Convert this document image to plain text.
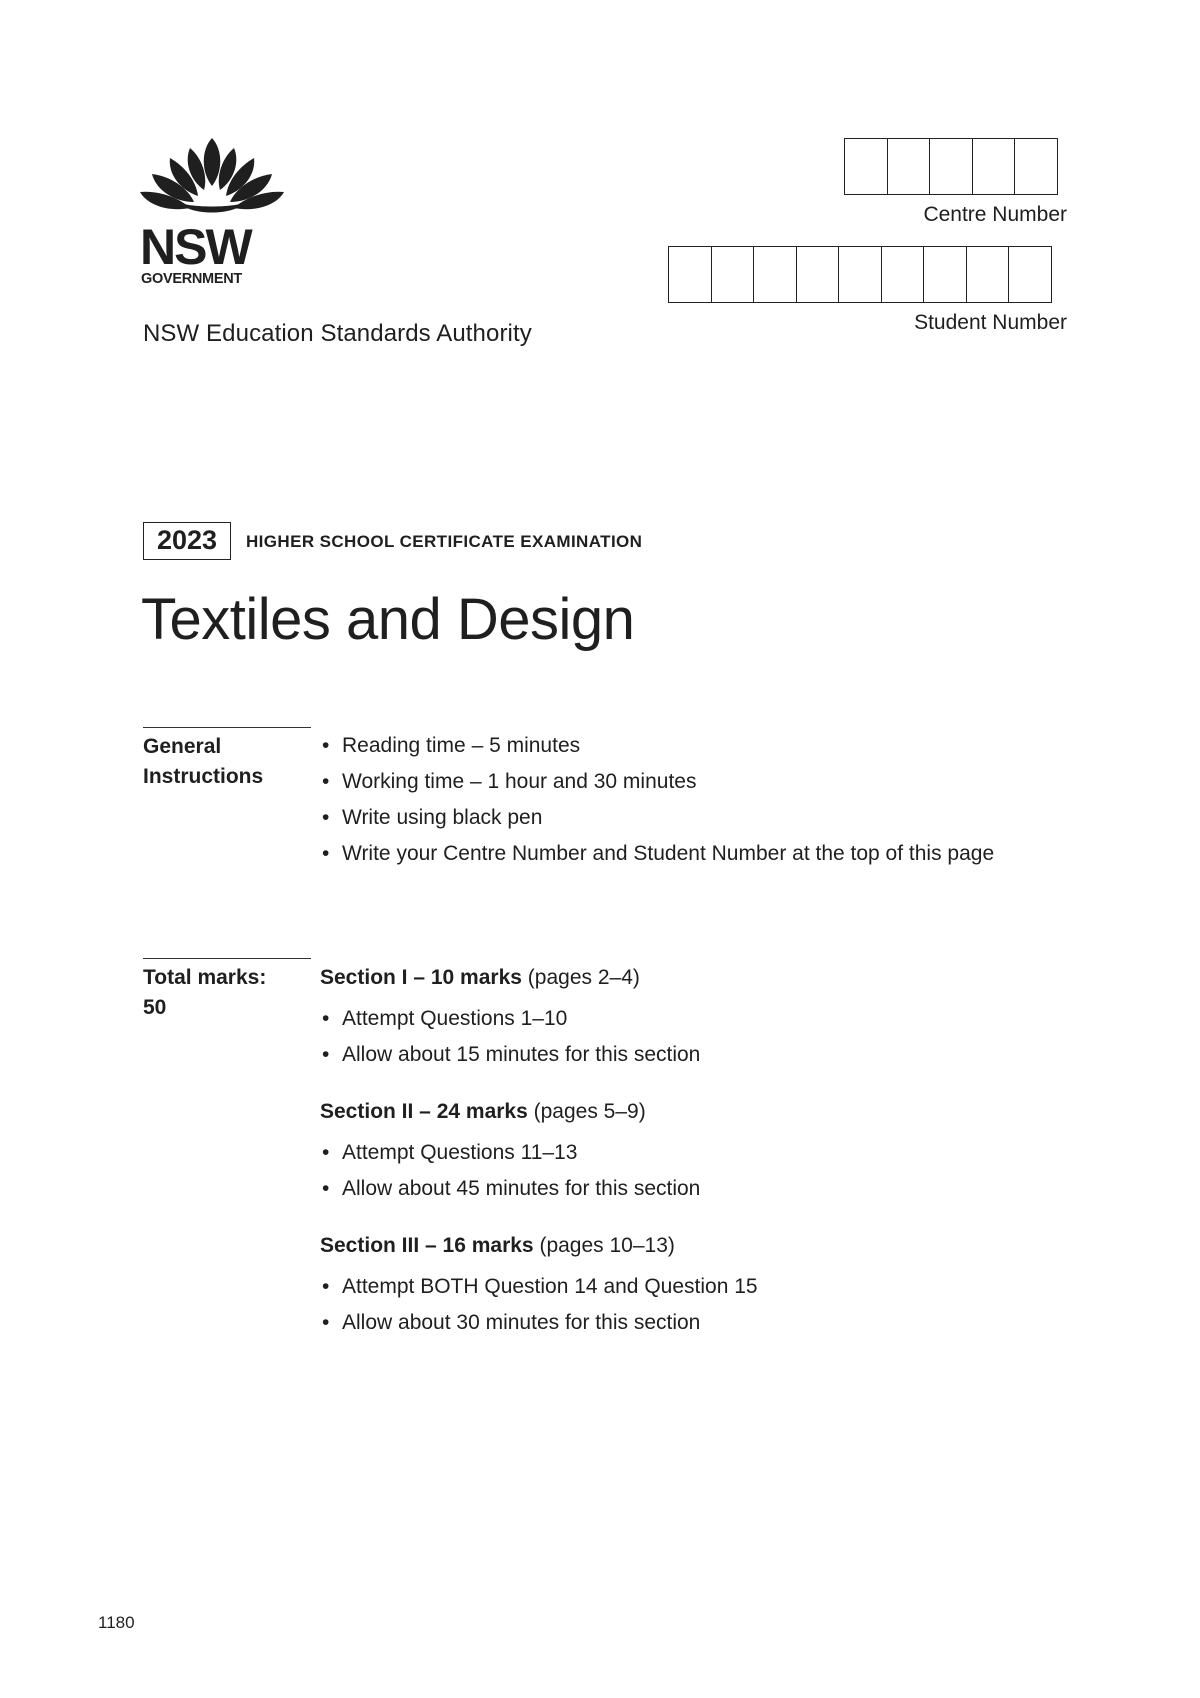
NSW
GOVERNMENT
NSW Education Standards Authority
Centre Number
Student Number
2023	HIGHER SCHOOL CERTIFICATE EXAMINATION
Textiles and Design
General
Instructions
• Reading time – 5 minutes
• Working time – 1 hour and 30 minutes
• Write using black pen
• Write your Centre Number and Student Number at the top of this page
Total marks:
50
Section I – 10 marks (pages 2–4)
• Attempt Questions 1–10
• Allow about 15 minutes for this section
Section II – 24 marks (pages 5–9)
• Attempt Questions 11–13
• Allow about 45 minutes for this section
Section III – 16 marks (pages 10–13)
• Attempt BOTH Question 14 and Question 15
• Allow about 30 minutes for this section
1180
